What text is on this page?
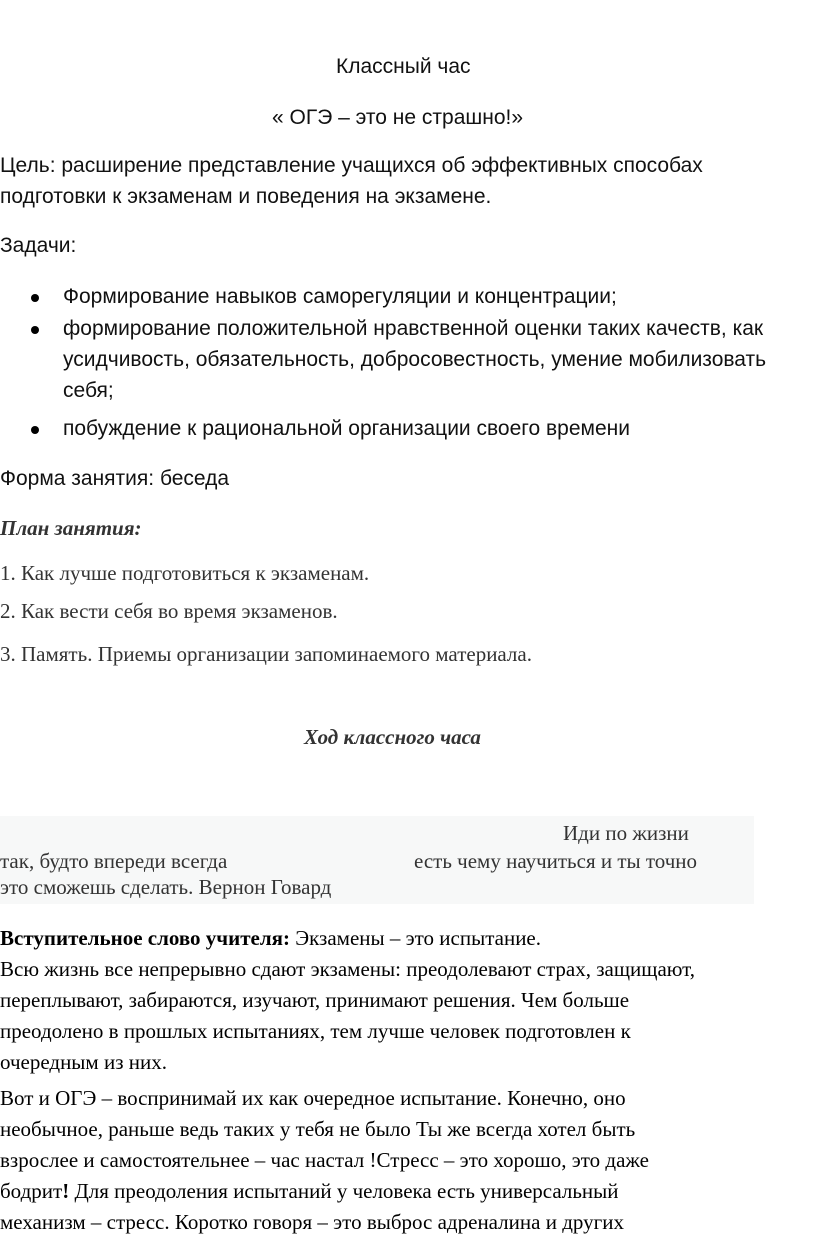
Классный час
« ОГЭ – это не страшно!»
Цель: расширение представление учащихся об эффективных способах
подготовки к экзаменам и поведения на экзамене.
Задачи:
Формирование навыков саморегуляции и концентрации;
формирование положительной нравственной оценки таких качеств, как
усидчивость, обязательность, добросовестность, умение мобилизовать
себя;
побуждение к рациональной организации своего времени
Форма занятия: беседа
План занятия:
1. Как лучше подготовиться к экзаменам.
2. Как вести себя во время экзаменов.
3. Память. Приемы организации запоминаемого материала.
Ход классного часа
Иди по жизни
так, будто впереди всегда	есть чему научиться и ты точно
это сможешь сделать. Вернон Говард
Вступительное слово учителя: Экзамены – это испытание.
Всю жизнь все непрерывно сдают экзамены: преодолевают страх, защищают,
переплывают, забираются, изучают, принимают решения. Чем больше
преодолено в прошлых испытаниях, тем лучше человек подготовлен к
очередным из них.
Вот и ОГЭ – воспринимай их как очередное испытание. Конечно, оно
необычное, раньше ведь таких у тебя не было Ты же всегда хотел быть
взрослее и самостоятельнее – час настал !Стресс – это хорошо, это даже
бодрит! Для преодоления испытаний у человека есть универсальный
механизм – стресс. Коротко говоря – это выброс адреналина и других
